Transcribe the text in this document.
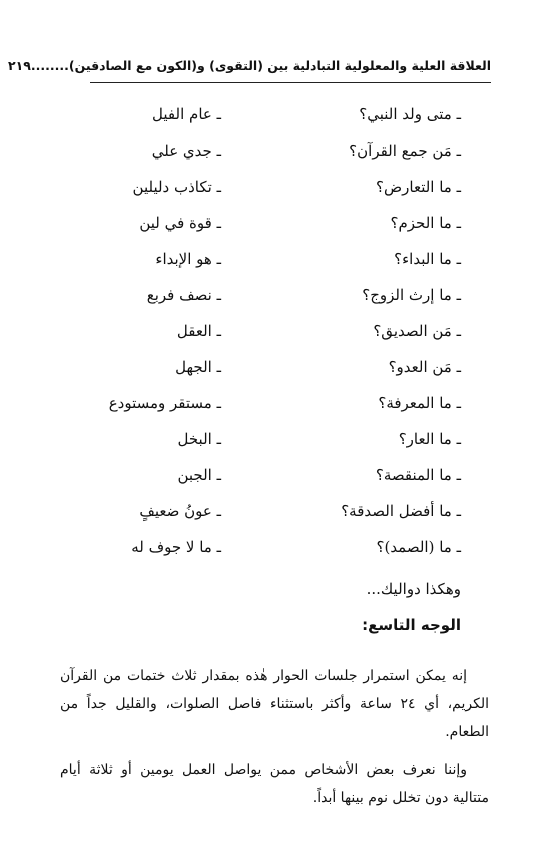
العلاقة العلية والمعلولية التبادلية بين (التقوى) و(الكون مع الصادقين)........
٢١٩
ـ متى ولد النبي؟
ـ عام الفيل
ـ مَن جمع القرآن؟
ـ جدي علي
ـ ما التعارض؟
ـ تكاذب دليلين
ـ ما الحزم؟
ـ قوة في لين
ـ ما البداء؟
ـ هو الإبداء
ـ ما إرث الزوج؟
ـ نصف فربع
ـ مَن الصديق؟
ـ العقل
ـ مَن العدو؟
ـ الجهل
ـ ما المعرفة؟
ـ مستقر ومستودع
ـ ما العار؟
ـ البخل
ـ ما المنقصة؟
ـ الجبن
ـ ما أفضل الصدقة؟
ـ عونُ ضعيفٍ
ـ ما (الصمد)؟
ـ ما لا جوف له
وهكذا دواليك...
الوجه التاسع:

إنه يمكن استمرار جلسات الحوار هٰذه بمقدار ثلاث ختمات من القرآن الكريم، أي ٢٤ ساعة وأكثر باستثناء فاصل الصلوات، والقليل جداً من الطعام.

وإننا نعرف بعض الأشخاص ممن يواصل العمل يومين أو ثلاثة أيام متتالية دون تخلل نوم بينها أبداً.
